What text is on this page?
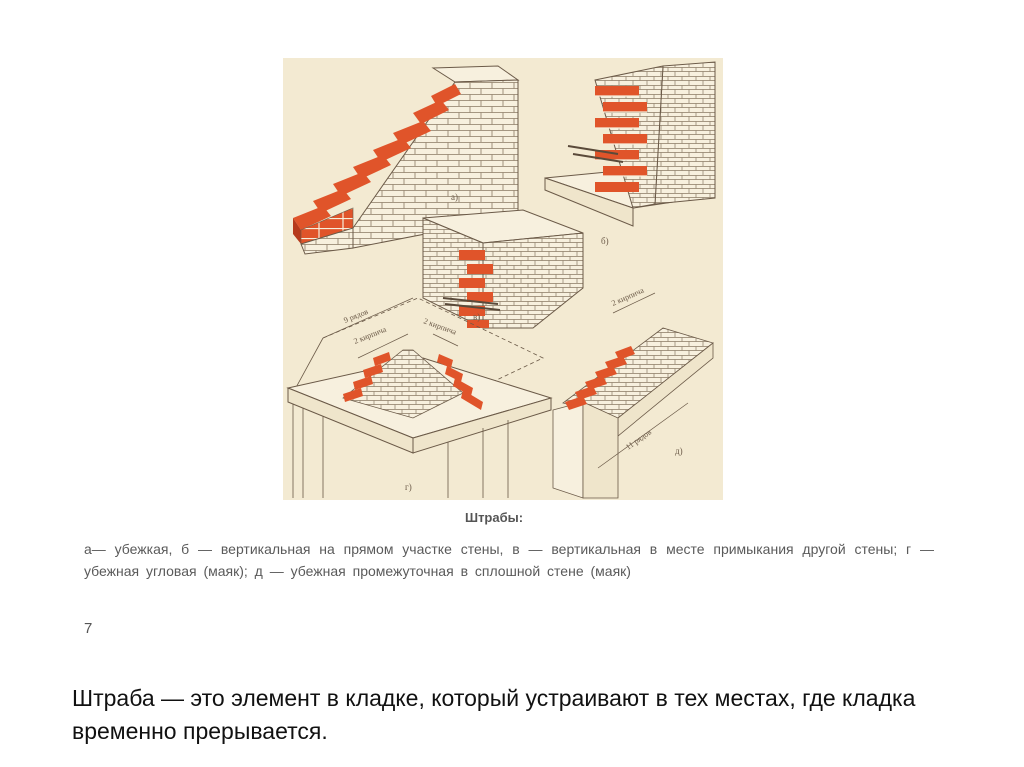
а)
б)
в)
9 рядов
2 кирпича	2 кирпича
г)
2 кирпича
11 рядов д)
Штрабы:
а— убежкая, б — вертикальная на прямом участке стены, в — вертикальная в месте примыкания другой стены; г — убежная угловая (маяк); д — убежная промежуточная в сплошной стене (маяк)
7
Штраба — это элемент в кладке, который устраивают в тех местах, где кладка временно прерывается.
